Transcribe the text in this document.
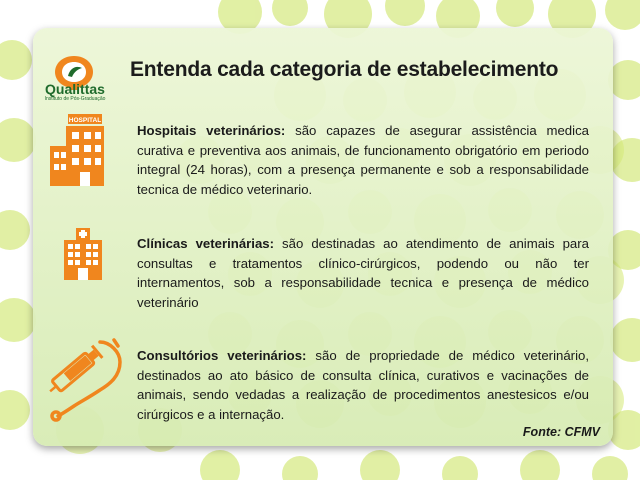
Qualittas
Instituto de Pós-Graduação
Entenda cada categoria de estabelecimento
HOSPITAL
Hospitais veterinários: são capazes de asegurar assistência medica curativa e preventiva aos animais, de funcionamento obrigatório em periodo integral (24 horas), com a presença permanente e sob a responsabilidade tecnica de médico veterinario.
Clínicas veterinárias: são destinadas ao atendimento de animais para consultas e tratamentos clínico-cirúrgicos, podendo ou não ter internamentos, sob a responsabilidade tecnica e presença de médico veterinário
Consultórios veterinários: são de propriedade de médico veterinário, destinados ao ato básico de consulta clínica, curativos e vacinações de animais, sendo vedadas a realização de procedimentos anestesicos e/ou cirúrgicos e a internação.
Fonte: CFMV
